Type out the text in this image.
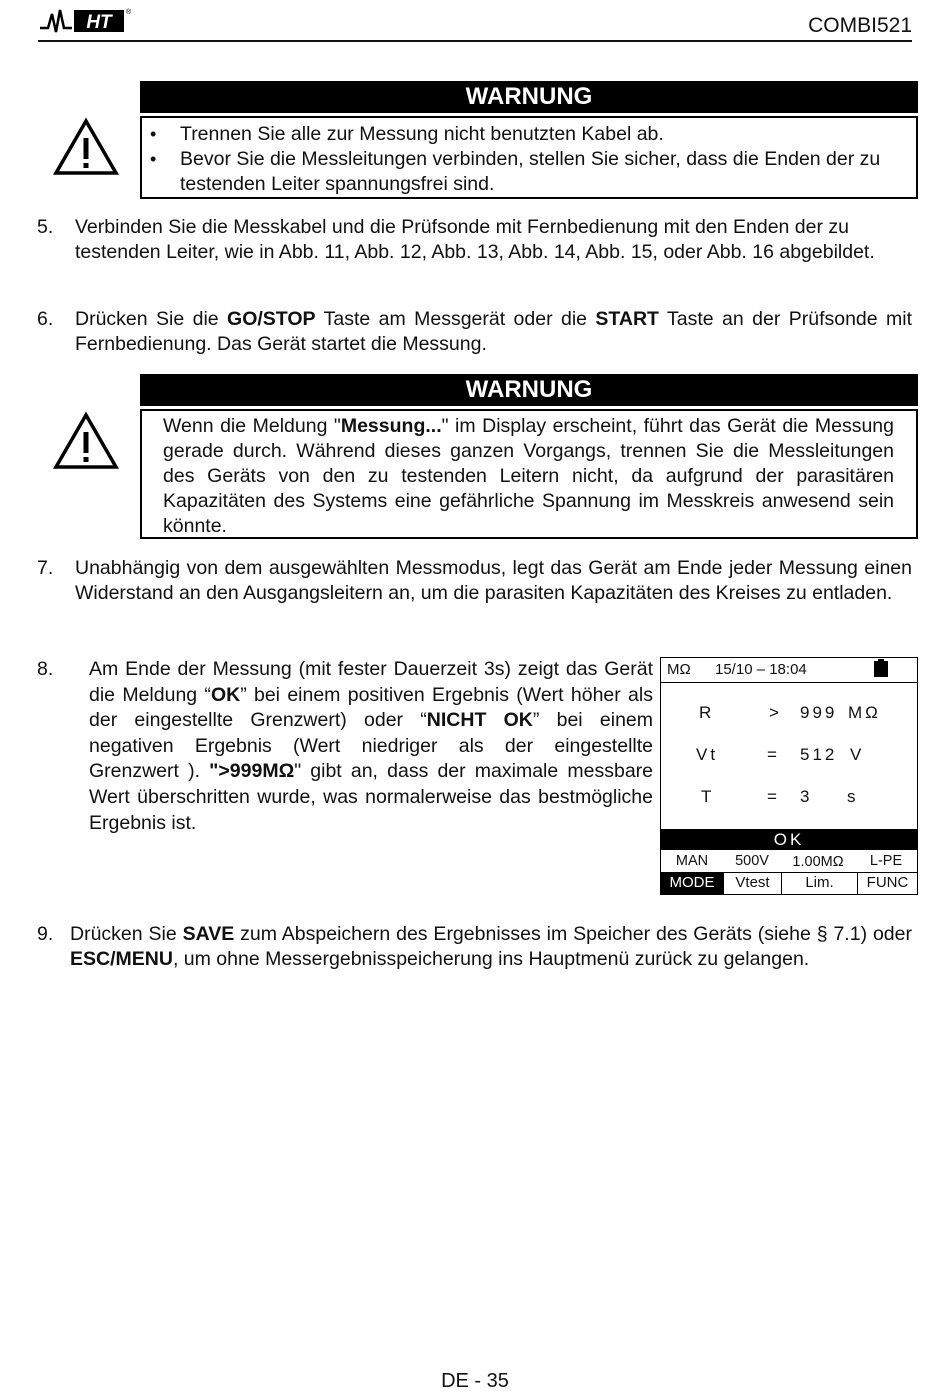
HT ®
COMBI521
WARNUNG
• Trennen Sie alle zur Messung nicht benutzten Kabel ab.
• Bevor Sie die Messleitungen verbinden, stellen Sie sicher, dass die Enden der zu testenden Leiter spannungsfrei sind.
5. Verbinden Sie die Messkabel und die Prüfsonde mit Fernbedienung mit den Enden der zu testenden Leiter, wie in Abb. 11, Abb. 12, Abb. 13, Abb. 14, Abb. 15, oder Abb. 16 abgebildet.
6. Drücken Sie die GO/STOP Taste am Messgerät oder die START Taste an der Prüfsonde mit Fernbedienung. Das Gerät startet die Messung.
WARNUNG
Wenn die Meldung "Messung..." im Display erscheint, führt das Gerät die Messung gerade durch. Während dieses ganzen Vorgangs, trennen Sie die Messleitungen des Geräts von den zu testenden Leitern nicht, da aufgrund der parasitären Kapazitäten des Systems eine gefährliche Spannung im Messkreis anwesend sein könnte.
7. Unabhängig von dem ausgewählten Messmodus, legt das Gerät am Ende jeder Messung einen Widerstand an den Ausgangsleitern an, um die parasiten Kapazitäten des Kreises zu entladen.
8. Am Ende der Messung (mit fester Dauerzeit 3s) zeigt das Gerät die Meldung “OK” bei einem positiven Ergebnis (Wert höher als der eingestellte Grenzwert) oder “NICHT OK” bei einem negativen Ergebnis (Wert niedriger als der eingestellte Grenzwert ). ">999MΩ" gibt an, dass der maximale messbare Wert überschritten wurde, was normalerweise das bestmögliche Ergebnis ist.
MΩ 15/10 – 18:04
R	> 999 MΩ
Vt	= 512 V
T	= 3 s
OK
MAN	500V	1.00MΩ	L-PE
MODE	Vtest	Lim.	FUNC
9. Drücken Sie SAVE zum Abspeichern des Ergebnisses im Speicher des Geräts (siehe § 7.1) oder ESC/MENU, um ohne Messergebnisspeicherung ins Hauptmenü zurück zu gelangen.
DE - 35
